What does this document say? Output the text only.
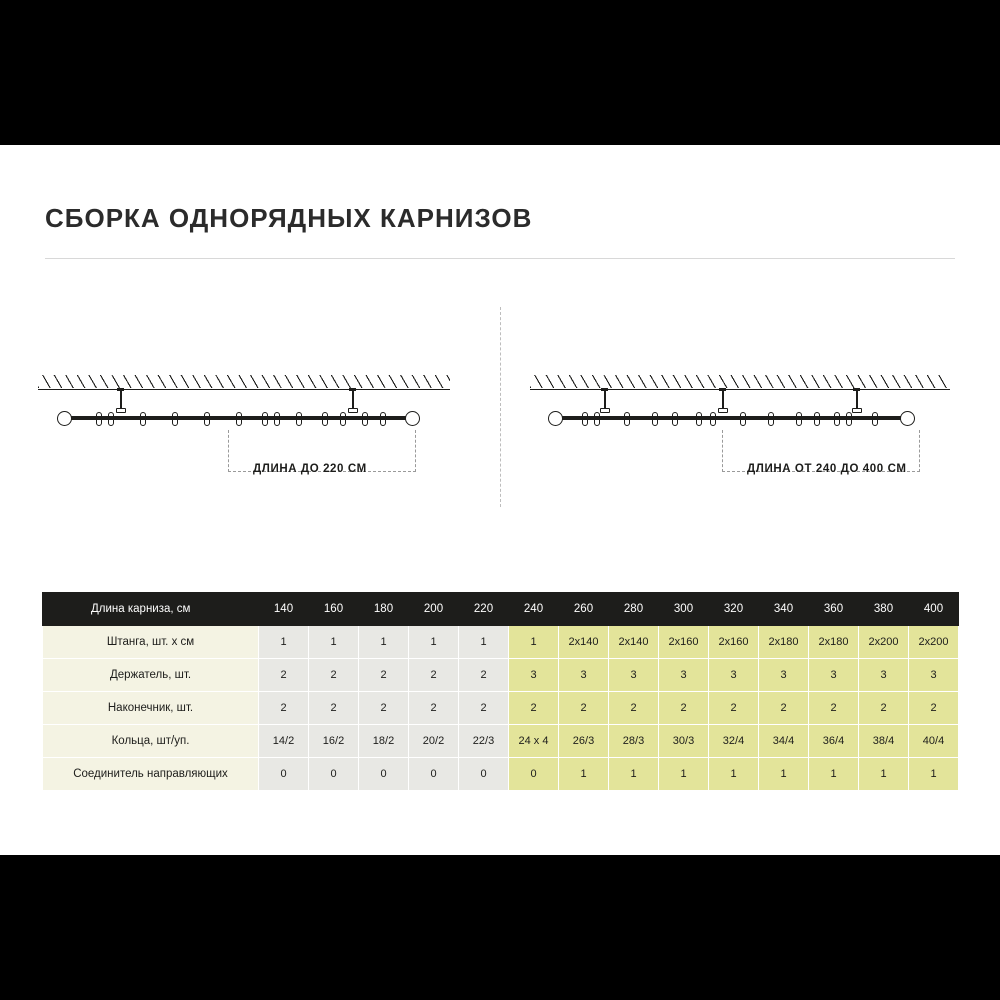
СБОРКА ОДНОРЯДНЫХ КАРНИЗОВ
ДЛИНА ДО 220 СМ	ДЛИНА ОТ 240 ДО 400 СМ
Длина карниза, см	140	160	180	200	220	240	260	280	300	320	340	360	380	400
Штанга, шт. х см	1	1	1	1	1	1	2х140	2х140	2х160	2х160	2х180	2х180	2х200	2х200
Держатель, шт.	2	2	2	2	2	3	3	3	3	3	3	3	3	3
Наконечник, шт.	2	2	2	2	2	2	2	2	2	2	2	2	2	2
Кольца, шт/уп.	14/2	16/2	18/2	20/2	22/3	24 х 4	26/3	28/3	30/3	32/4	34/4	36/4	38/4	40/4
Соединитель направляющих	0	0	0	0	0	0	1	1	1	1	1	1	1	1
